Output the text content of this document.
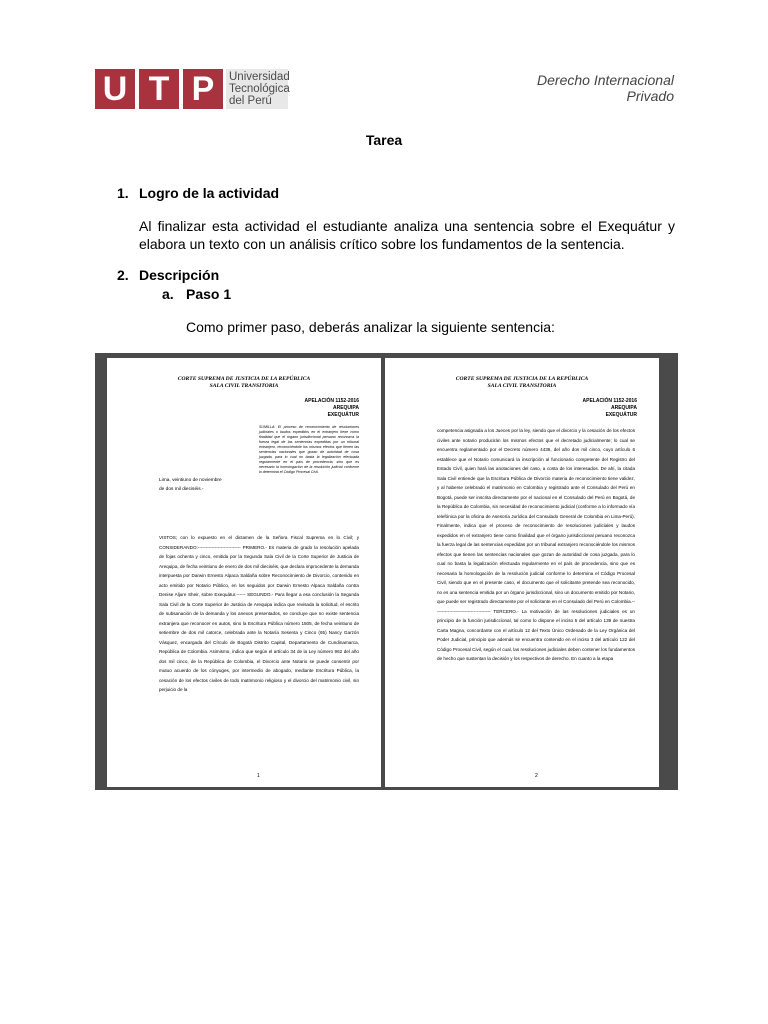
U T P	Universidad
Tecnológica
del Perú
Derecho Internacional
Privado
Tarea
1. Logro de la actividad
Al finalizar esta actividad el estudiante analiza una sentencia sobre el Exequátur y elabora un texto con un análisis crítico sobre los fundamentos de la sentencia.
2. Descripción
a. Paso 1
Como primer paso, deberás analizar la siguiente sentencia:
CORTE SUPREMA DE JUSTICIA DE LA REPÚBLICA
SALA CIVIL TRANSITORIA
APELACIÓN 1152-2016
AREQUIPA
EXEQUÁTUR
SUMILLA: El proceso de reconocimiento de resoluciones judiciales o laudos expedidos en el extranjero tiene como finalidad que el órgano jurisdiccional peruano reconozca la fuerza legal de las sentencias expedidas por un tribunal extranjero, reconociéndole los mismos efectos que tienen las sentencias nacionales que gozan de autoridad de cosa juzgada, para lo cual no basta la legalización efectuada regularmente en el país de procedencia, sino que es necesario la homologación de la resolución judicial conforme lo determina el Código Procesal Civil.
Lima, veintiuno de noviembre
de dos mil dieciséis.-
VISTOS; con lo expuesto en el dictamen de la Señora Fiscal Suprema en lo Civil; y CONSIDERANDO:---------------------------- PRIMERO.- Es materia de grado la resolución apelada de fojas ochenta y cinco, emitida por la Segunda Sala Civil de la Corte Superior de Justicia de Arequipa, de fecha veintiuno de enero de dos mil dieciséis, que declara improcedente la demanda interpuesta por Darwin Ernesto Alpaca Saldaña sobre Reconocimiento de Divorcio, contenido en acto emitido por Notario Público, en los seguidos por Darwin Ernesto Alpaca Saldaña contra Denise Aljure Sheir, sobre Exequátur.------ SEGUNDO.- Para llegar a esa conclusión la Segunda Sala Civil de la Corte Superior de Justicia de Arequipa indica que revisada la solicitud, el escrito de subsanación de la demanda y los anexos presentados, se concluye que no existe sentencia extranjera que reconocer en autos, sino la Escritura Pública número 1505, de fecha veintiuno de setiembre de dos mil catorce, celebrada ante la Notaría Sesenta y Cinco (65) Nancy Garzón Vásquez, encargada del Círculo de Bogotá Distrito Capital, Departamento de Cundinamarca, República de Colombia. Asimismo, indica que según el artículo 34 de la Ley número 962 del año dos mil cinco, de la República de Colombia, el Divorcio ante Notario se puede consentir por mutuo acuerdo de los cónyuges, por intermedio de abogado, mediante Escritura Pública, la cesación de los efectos civiles de todo matrimonio religioso y el divorcio del matrimonio civil, sin perjuicio de la
1
CORTE SUPREMA DE JUSTICIA DE LA REPÚBLICA
SALA CIVIL TRANSITORIA
APELACIÓN 1152-2016
AREQUIPA
EXEQUÁTUR
competencia asignada a los Jueces por la ley, siendo que el divorcio y la cesación de los efectos civiles ante notario producirán los mismos efectos que el decretado judicialmente; lo cual se encuentra reglamentado por el Decreto número 4436, del año dos mil cinco, cuyo artículo 6 establece que el Notario comunicará la inscripción al funcionario competente del Registro del Estado Civil, quien hará las anotaciones del caso, a costa de los interesados. De ahí, la citada Sala Civil entiende que la Escritura Pública de Divorcio materia de reconocimiento tiene validez, y al haberse celebrado el matrimonio en Colombia y registrado ante el Consulado del Perú en Bogotá, puede ser inscrita directamente por el nacional en el Consulado del Perú en Bogotá, de la República de Colombia, sin necesidad de reconocimiento judicial (conforme a lo informado vía telefónica por la oficina de Asesoría Jurídica del Consulado General de Colombia en Lima-Perú). Finalmente, indica que el proceso de reconocimiento de resoluciones judiciales y laudos expedidos en el extranjero tiene como finalidad que el órgano jurisdiccional peruano reconozca la fuerza legal de las sentencias expedidas por un tribunal extranjero reconociéndole los mismos efectos que tienen las sentencias nacionales que gozan de autoridad de cosa juzgada, para lo cual no basta la legalización efectuada regularmente en el país de procedencia, sino que es necesaria la homologación de la resolución judicial conforme lo determina el Código Procesal Civil, siendo que en el presente caso, el documento que el solicitante pretende sea reconocido, no es una sentencia emitida por un órgano jurisdiccional, sino un documento emitido por Notario, que puede ser registrado directamente por el solicitante en el Consulado del Perú en Colombia.------------------------------------- TERCERO.- La motivación de las resoluciones judiciales es un principio de la función jurisdiccional, tal como lo dispone el inciso 5 del artículo 139 de nuestra Carta Magna, concordante con el artículo 12 del Texto Único Ordenado de la Ley Orgánica del Poder Judicial, principio que además se encuentra contenido en el inciso 3 del artículo 122 del Código Procesal Civil, según el cual, las resoluciones judiciales deben contener los fundamentos de hecho que sustentan la decisión y los respectivos de derecho. En cuanto a la etapa
2
